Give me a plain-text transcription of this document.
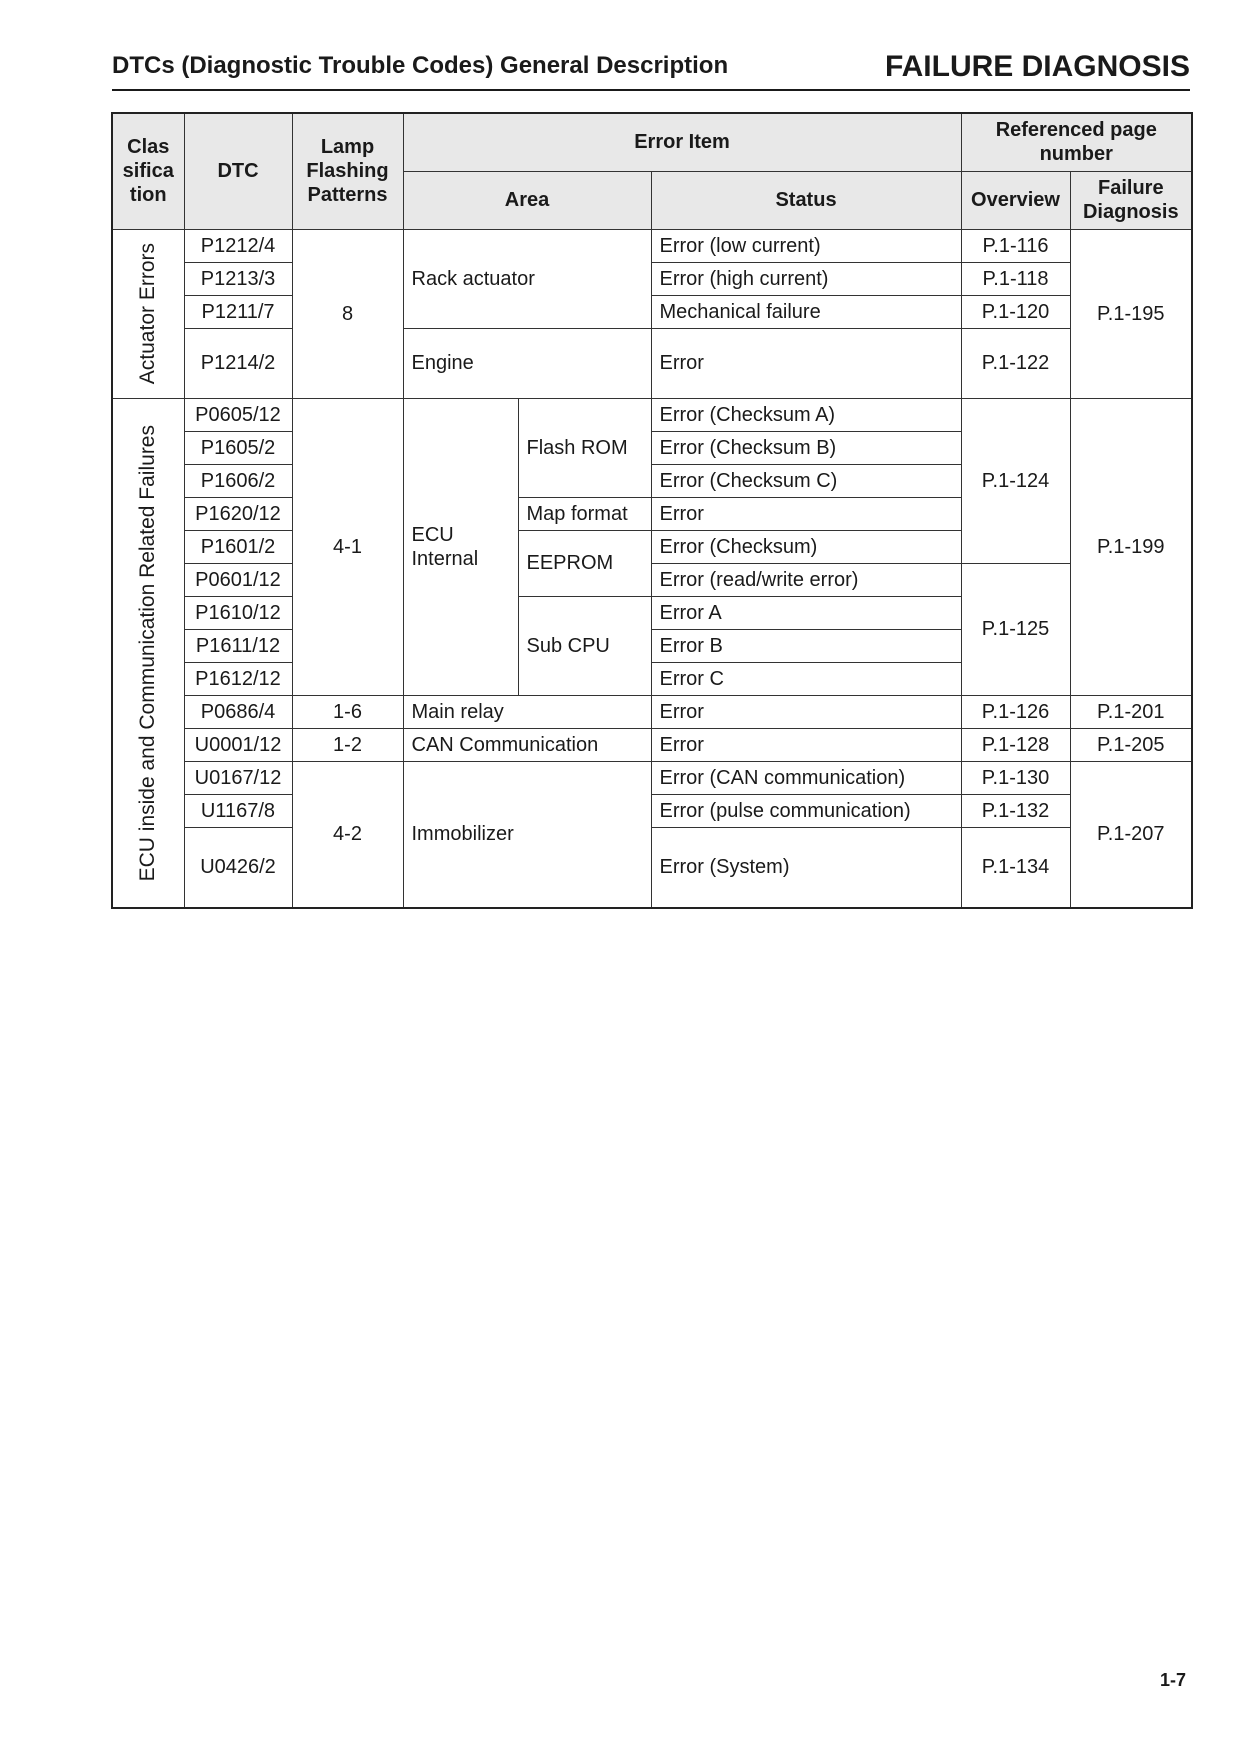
DTCs (Diagnostic Trouble Codes) General Description	FAILURE DIAGNOSIS
Clas sifica tion	DTC	Lamp Flashing Patterns	Error Item			Referenced page number	
			Area		Status	Overview	Failure Diagnosis

Actuator Errors	P1212/4	8	Rack actuator		Error (low current)	P.1-116	P.1-195
	P1213/3				Error (high current)	P.1-118	
	P1211/7				Mechanical failure	P.1-120	
	P1214/2		Engine		Error	P.1-122	

ECU inside and Communication Related Failures	P0605/12	4-1	ECU Internal	Flash ROM	Error (Checksum A)	P.1-124	P.1-199
	P1605/2				Error (Checksum B)		
	P1606/2				Error (Checksum C)		
	P1620/12			Map format	Error		
	P1601/2			EEPROM	Error (Checksum)		
	P0601/12				Error (read/write error)	P.1-125	
	P1610/12			Sub CPU	Error A		
	P1611/12				Error B		
	P1612/12				Error C		
	P0686/4	1-6	Main relay		Error	P.1-126	P.1-201
	U0001/12	1-2	CAN Communication		Error	P.1-128	P.1-205
	U0167/12	4-2	Immobilizer		Error (CAN communication)	P.1-130	P.1-207
	U1167/8				Error (pulse communication)	P.1-132	
	U0426/2				Error (System)	P.1-134	
1-7
